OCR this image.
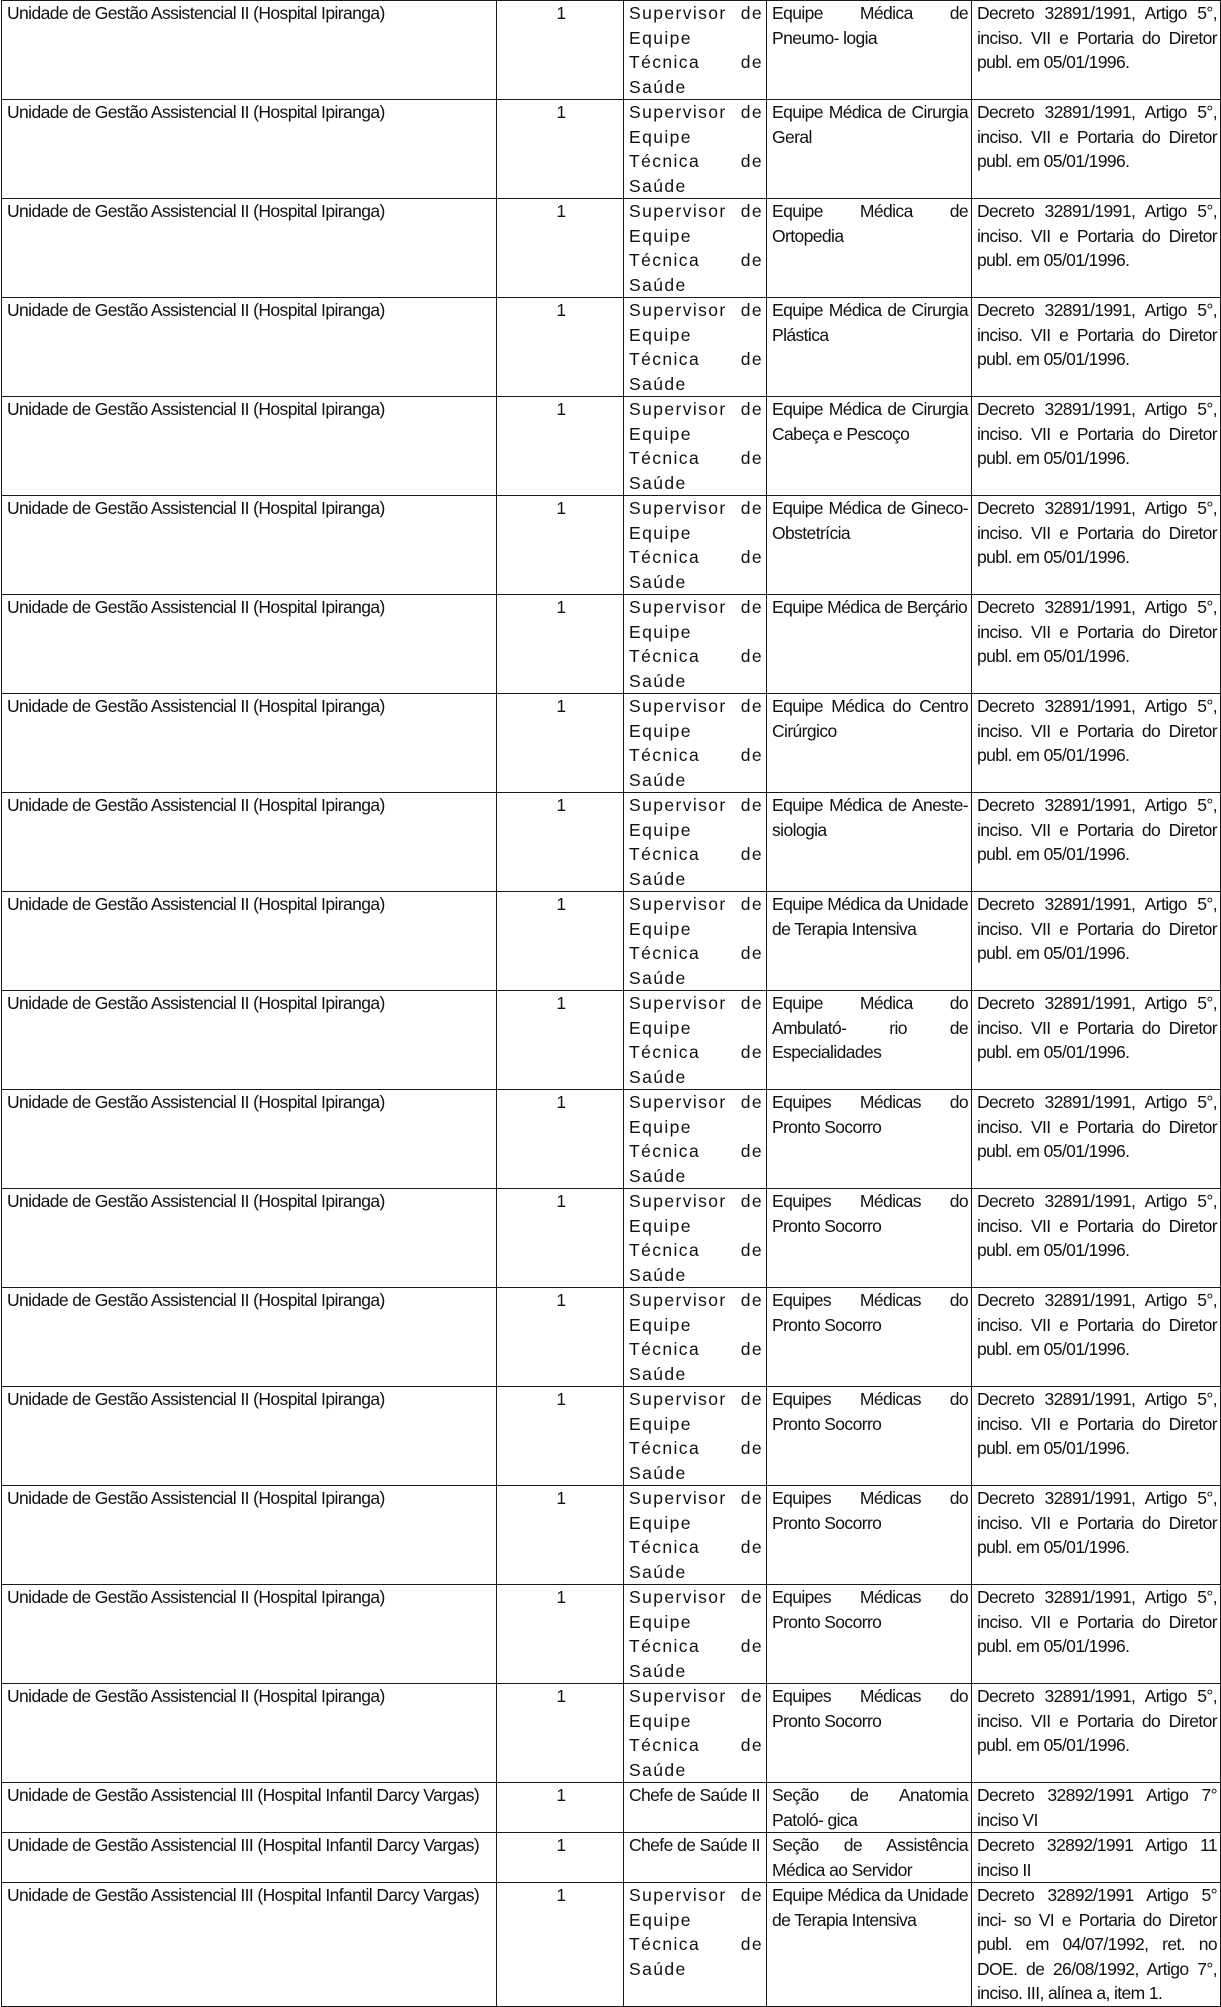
Unidade de Gestão Assistencial II (Hospital Ipiranga)	1	Supervisor de Equipe Técnica de Saúde	Equipe Médica de Pneumo- logia	Decreto 32891/1991, Artigo 5°, inciso. VII e Portaria do Diretor publ. em 05/01/1996.
Unidade de Gestão Assistencial II (Hospital Ipiranga)	1	Supervisor de Equipe Técnica de Saúde	Equipe Médica de Cirurgia Geral	Decreto 32891/1991, Artigo 5°, inciso. VII e Portaria do Diretor publ. em 05/01/1996.
Unidade de Gestão Assistencial II (Hospital Ipiranga)	1	Supervisor de Equipe Técnica de Saúde	Equipe Médica de Ortopedia	Decreto 32891/1991, Artigo 5°, inciso. VII e Portaria do Diretor publ. em 05/01/1996.
Unidade de Gestão Assistencial II (Hospital Ipiranga)	1	Supervisor de Equipe Técnica de Saúde	Equipe Médica de Cirurgia Plástica	Decreto 32891/1991, Artigo 5°, inciso. VII e Portaria do Diretor publ. em 05/01/1996.
Unidade de Gestão Assistencial II (Hospital Ipiranga)	1	Supervisor de Equipe Técnica de Saúde	Equipe Médica de Cirurgia Cabeça e Pescoço	Decreto 32891/1991, Artigo 5°, inciso. VII e Portaria do Diretor publ. em 05/01/1996.
Unidade de Gestão Assistencial II (Hospital Ipiranga)	1	Supervisor de Equipe Técnica de Saúde	Equipe Médica de Gineco- Obstetrícia	Decreto 32891/1991, Artigo 5°, inciso. VII e Portaria do Diretor publ. em 05/01/1996.
Unidade de Gestão Assistencial II (Hospital Ipiranga)	1	Supervisor de Equipe Técnica de Saúde	Equipe Médica de Berçário	Decreto 32891/1991, Artigo 5°, inciso. VII e Portaria do Diretor publ. em 05/01/1996.
Unidade de Gestão Assistencial II (Hospital Ipiranga)	1	Supervisor de Equipe Técnica de Saúde	Equipe Médica do Centro Cirúrgico	Decreto 32891/1991, Artigo 5°, inciso. VII e Portaria do Diretor publ. em 05/01/1996.
Unidade de Gestão Assistencial II (Hospital Ipiranga)	1	Supervisor de Equipe Técnica de Saúde	Equipe Médica de Aneste- siologia	Decreto 32891/1991, Artigo 5°, inciso. VII e Portaria do Diretor publ. em 05/01/1996.
Unidade de Gestão Assistencial II (Hospital Ipiranga)	1	Supervisor de Equipe Técnica de Saúde	Equipe Médica da Unidade de Terapia Intensiva	Decreto 32891/1991, Artigo 5°, inciso. VII e Portaria do Diretor publ. em 05/01/1996.
Unidade de Gestão Assistencial II (Hospital Ipiranga)	1	Supervisor de Equipe Técnica de Saúde	Equipe Médica do Ambulató- rio de Especialidades	Decreto 32891/1991, Artigo 5°, inciso. VII e Portaria do Diretor publ. em 05/01/1996.
Unidade de Gestão Assistencial II (Hospital Ipiranga)	1	Supervisor de Equipe Técnica de Saúde	Equipes Médicas do Pronto Socorro	Decreto 32891/1991, Artigo 5°, inciso. VII e Portaria do Diretor publ. em 05/01/1996.
Unidade de Gestão Assistencial II (Hospital Ipiranga)	1	Supervisor de Equipe Técnica de Saúde	Equipes Médicas do Pronto Socorro	Decreto 32891/1991, Artigo 5°, inciso. VII e Portaria do Diretor publ. em 05/01/1996.
Unidade de Gestão Assistencial II (Hospital Ipiranga)	1	Supervisor de Equipe Técnica de Saúde	Equipes Médicas do Pronto Socorro	Decreto 32891/1991, Artigo 5°, inciso. VII e Portaria do Diretor publ. em 05/01/1996.
Unidade de Gestão Assistencial II (Hospital Ipiranga)	1	Supervisor de Equipe Técnica de Saúde	Equipes Médicas do Pronto Socorro	Decreto 32891/1991, Artigo 5°, inciso. VII e Portaria do Diretor publ. em 05/01/1996.
Unidade de Gestão Assistencial II (Hospital Ipiranga)	1	Supervisor de Equipe Técnica de Saúde	Equipes Médicas do Pronto Socorro	Decreto 32891/1991, Artigo 5°, inciso. VII e Portaria do Diretor publ. em 05/01/1996.
Unidade de Gestão Assistencial II (Hospital Ipiranga)	1	Supervisor de Equipe Técnica de Saúde	Equipes Médicas do Pronto Socorro	Decreto 32891/1991, Artigo 5°, inciso. VII e Portaria do Diretor publ. em 05/01/1996.
Unidade de Gestão Assistencial II (Hospital Ipiranga)	1	Supervisor de Equipe Técnica de Saúde	Equipes Médicas do Pronto Socorro	Decreto 32891/1991, Artigo 5°, inciso. VII e Portaria do Diretor publ. em 05/01/1996.
Unidade de Gestão Assistencial III (Hospital Infantil Darcy Vargas)	1	Chefe de Saúde II	Seção de Anatomia Patoló- gica	Decreto 32892/1991 Artigo 7° inciso VI
Unidade de Gestão Assistencial III (Hospital Infantil Darcy Vargas)	1	Chefe de Saúde II	Seção de Assistência Médica ao Servidor	Decreto 32892/1991 Artigo 11 inciso II
Unidade de Gestão Assistencial III (Hospital Infantil Darcy Vargas)	1	Supervisor de Equipe Técnica de Saúde	Equipe Médica da Unidade de Terapia Intensiva	Decreto 32892/1991 Artigo 5° inci- so VI e Portaria do Diretor publ. em 04/07/1992, ret. no DOE. de 26/08/1992, Artigo 7°, inciso. III, alínea a, item 1.
